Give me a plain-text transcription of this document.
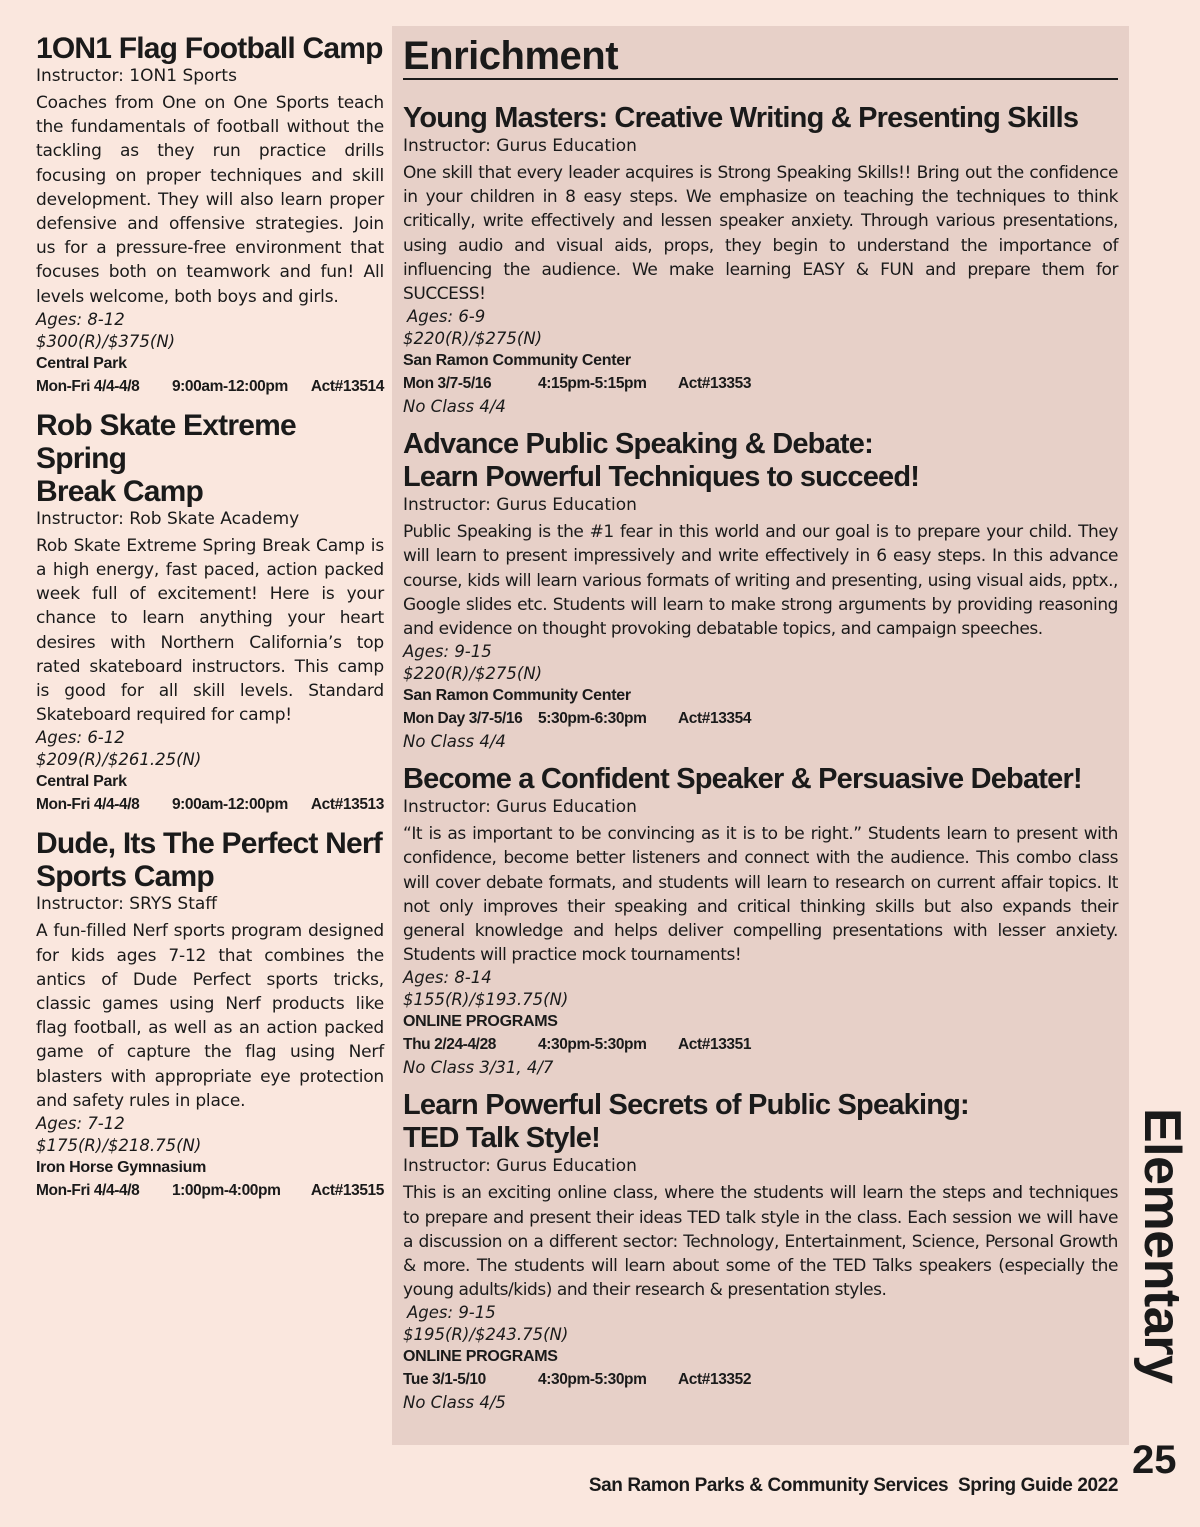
1ON1 Flag Football Camp

Instructor: 1ON1 Sports

Coaches from One on One Sports teach the fundamentals of football without the tackling as they run practice drills focusing on proper techniques and skill development. They will also learn proper defensive and offensive strategies. Join us for a pressure-free environment that focuses both on teamwork and fun! All levels welcome, both boys and girls.

Ages: 8-12

$300(R)/$375(N)

Central Park

Mon-Fri 4/4-4/8	9:00am-12:00pm	Act#13514

Rob Skate Extreme Spring
Break Camp

Instructor: Rob Skate Academy

Rob Skate Extreme Spring Break Camp is a high energy, fast paced, action packed week full of excitement! Here is your chance to learn anything your heart desires with Northern California’s top rated skateboard instructors. This camp is good for all skill levels. Standard Skateboard required for camp!

Ages: 6-12

$209(R)/$261.25(N)

Central Park

Mon-Fri 4/4-4/8	9:00am-12:00pm	Act#13513

Dude, Its The Perfect Nerf
Sports Camp

Instructor: SRYS Staff

A fun-filled Nerf sports program designed for kids ages 7-12 that combines the antics of Dude Perfect sports tricks, classic games using Nerf products like flag football, as well as an action packed game of capture the flag using Nerf blasters with appropriate eye protection and safety rules in place.

Ages: 7-12

$175(R)/$218.75(N)

Iron Horse Gymnasium

Mon-Fri 4/4-4/8	1:00pm-4:00pm	Act#13515

Enrichment
Young Masters: Creative Writing & Presenting Skills

Instructor: Gurus Education

One skill that every leader acquires is Strong Speaking Skills!! Bring out the confidence in your children in 8 easy steps. We emphasize on teaching the techniques to think critically, write effectively and lessen speaker anxiety. Through various presentations, using audio and visual aids, props, they begin to understand the importance of influencing the audience. We make learning EASY & FUN and prepare them for SUCCESS!

Ages: 6-9

$220(R)/$275(N)

San Ramon Community Center

Mon 3/7-5/16	4:15pm-5:15pm	Act#13353

No Class 4/4

Advance Public Speaking & Debate:
Learn Powerful Techniques to succeed!

Instructor: Gurus Education

Public Speaking is the #1 fear in this world and our goal is to prepare your child. They will learn to present impressively and write effectively in 6 easy steps. In this advance course, kids will learn various formats of writing and presenting, using visual aids, pptx., Google slides etc. Students will learn to make strong arguments by providing reasoning and evidence on thought provoking debatable topics, and campaign speeches.

Ages: 9-15

$220(R)/$275(N)

San Ramon Community Center

Mon Day 3/7-5/16	5:30pm-6:30pm	Act#13354

No Class 4/4

Become a Confident Speaker & Persuasive Debater!

Instructor: Gurus Education

“It is as important to be convincing as it is to be right.” Students learn to present with confidence, become better listeners and connect with the audience. This combo class will cover debate formats, and students will learn to research on current affair topics. It not only improves their speaking and critical thinking skills but also expands their general knowledge and helps deliver compelling presentations with lesser anxiety. Students will practice mock tournaments!

Ages: 8-14

$155(R)/$193.75(N)

ONLINE PROGRAMS

Thu 2/24-4/28	4:30pm-5:30pm	Act#13351

No Class 3/31, 4/7

Learn Powerful Secrets of Public Speaking:
TED Talk Style!

Instructor: Gurus Education

This is an exciting online class, where the students will learn the steps and techniques to prepare and present their ideas TED talk style in the class. Each session we will have a discussion on a different sector: Technology, Entertainment, Science, Personal Growth & more. The students will learn about some of the TED Talks speakers (especially the young adults/kids) and their research & presentation styles.

Ages: 9-15

$195(R)/$243.75(N)

ONLINE PROGRAMS

Tue 3/1-5/10	4:30pm-5:30pm	Act#13352

No Class 4/5

Elementary
25
San Ramon Parks & Community Services  Spring Guide 2022
